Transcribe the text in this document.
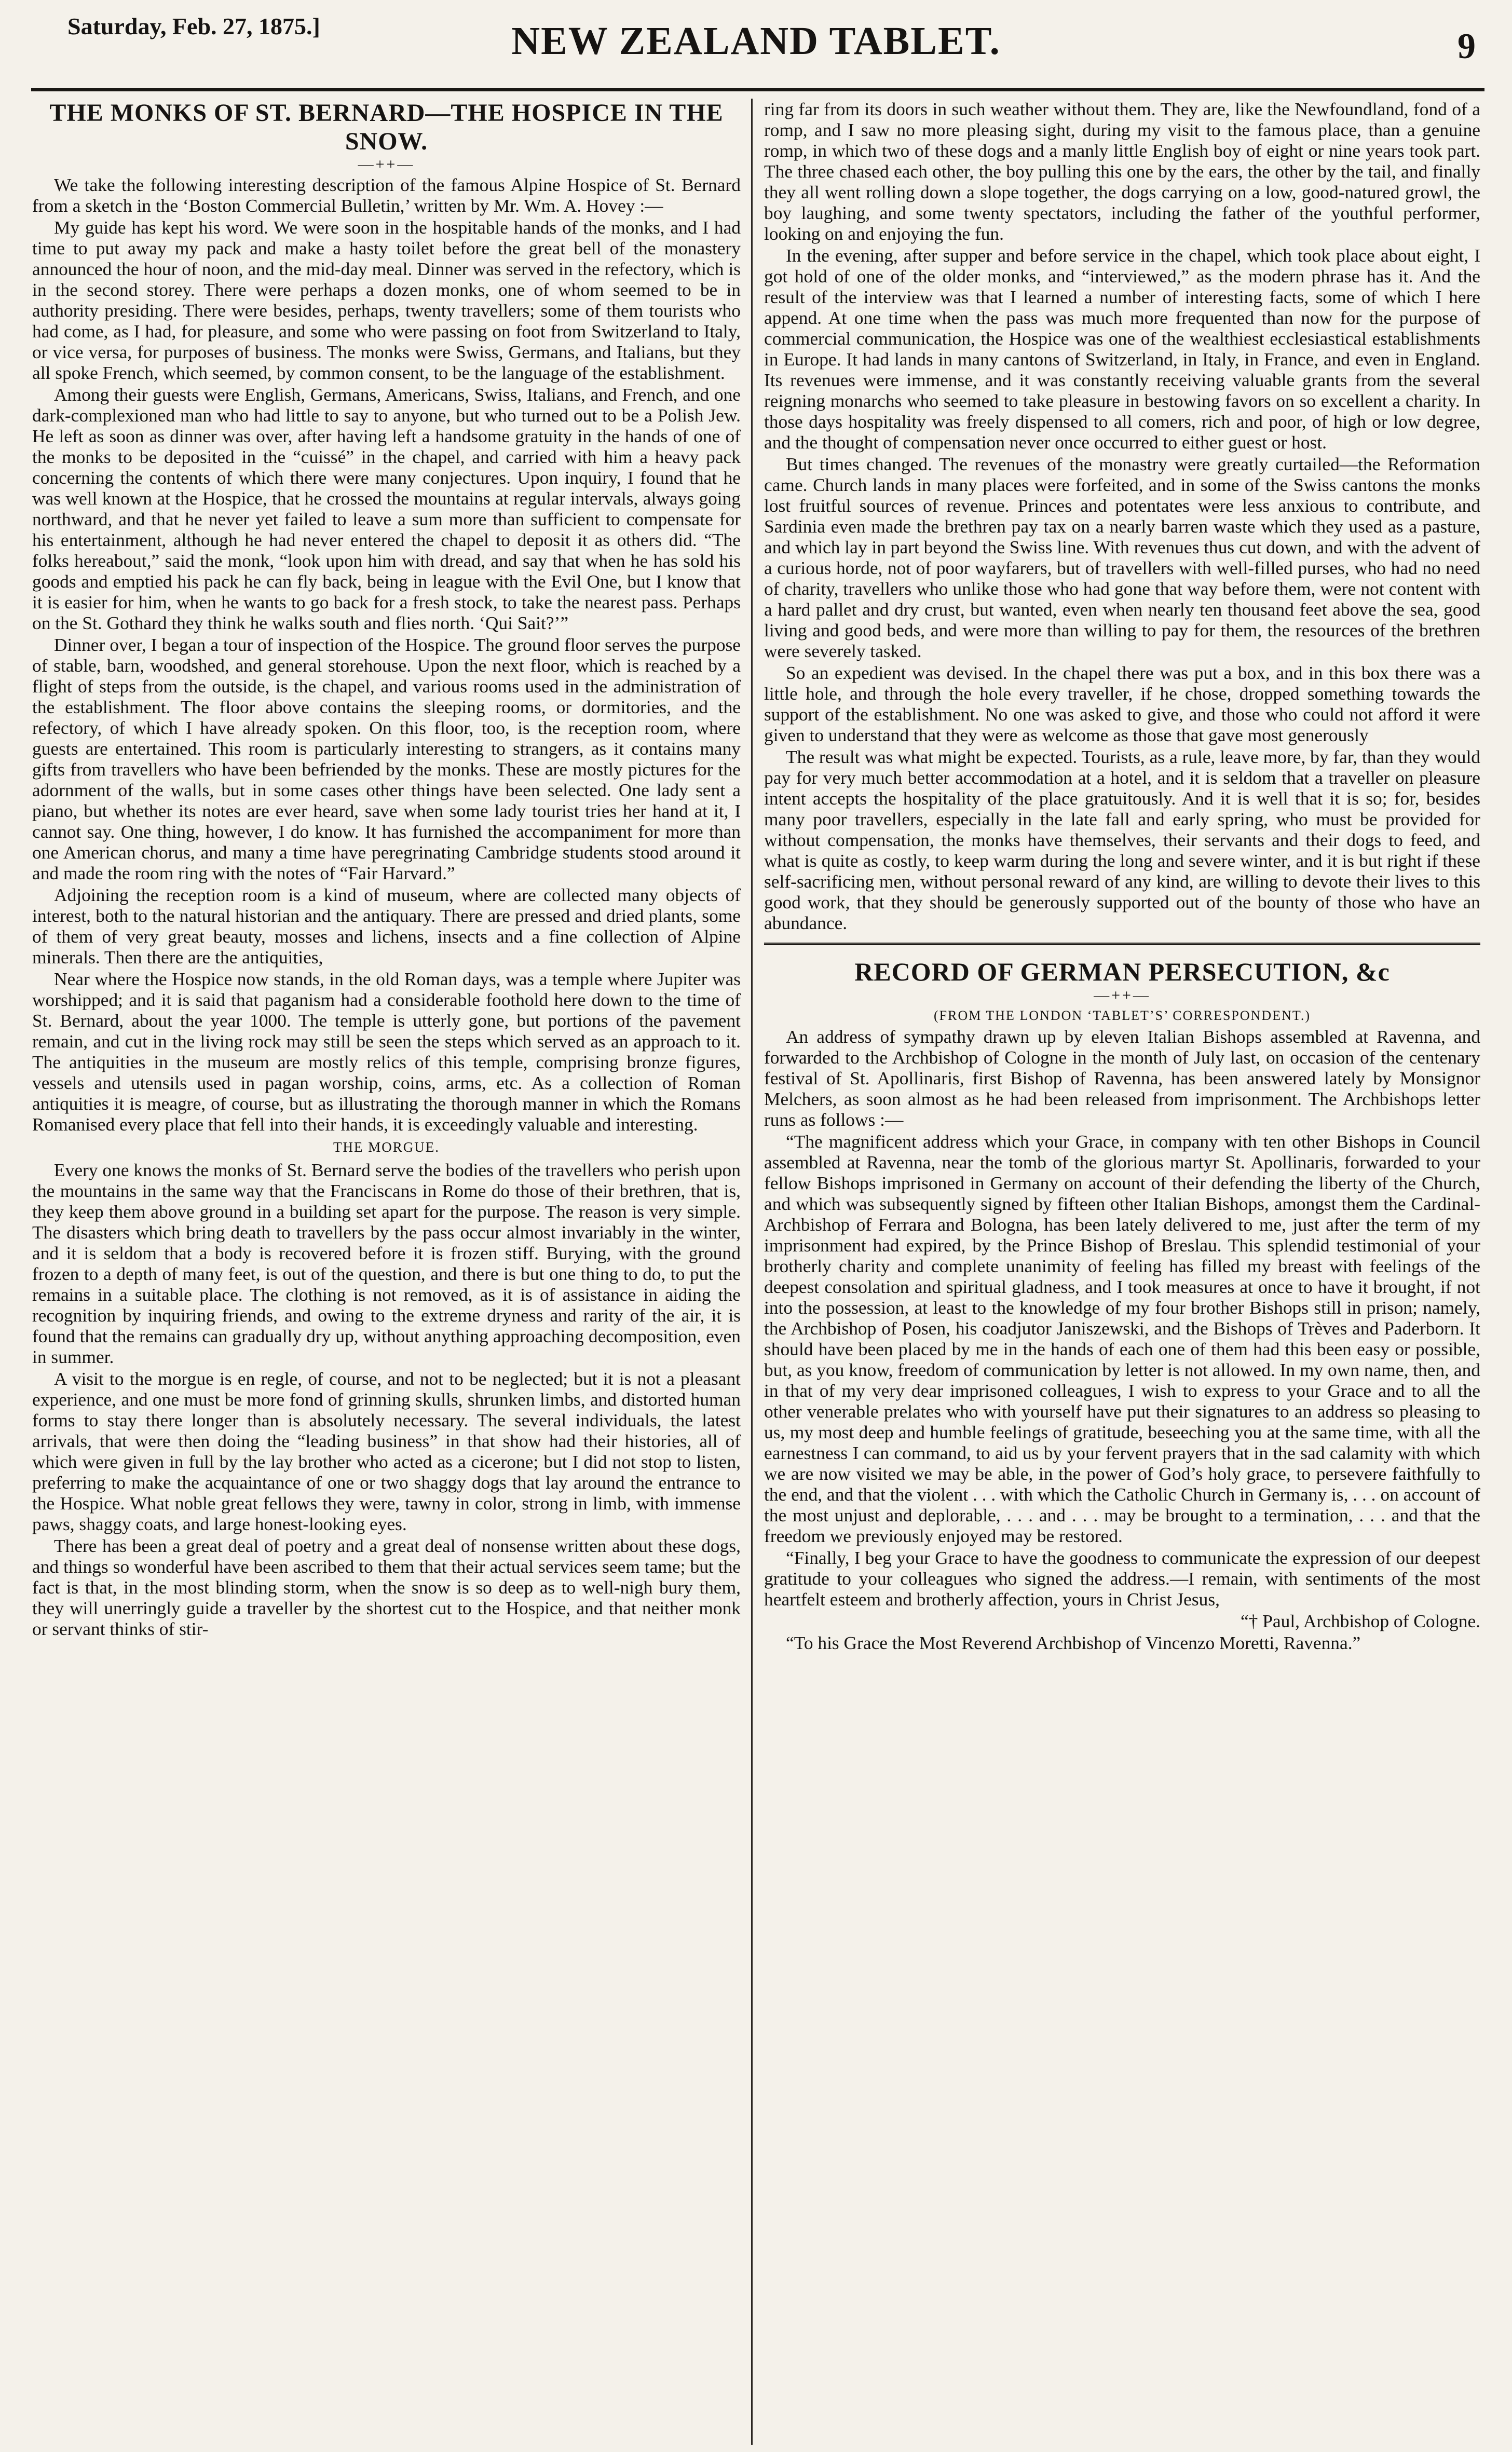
Saturday, Feb. 27, 1875.]	NEW ZEALAND TABLET.	9
THE MONKS OF ST. BERNARD—THE HOSPICE IN THE SNOW.
—++—

We take the following interesting description of the famous Alpine Hospice of St. Bernard from a sketch in the ‘Boston Commercial Bulletin,’ written by Mr. Wm. A. Hovey :—

My guide has kept his word. We were soon in the hospitable hands of the monks, and I had time to put away my pack and make a hasty toilet before the great bell of the monastery announced the hour of noon, and the mid-day meal. Dinner was served in the refectory, which is in the second storey. There were perhaps a dozen monks, one of whom seemed to be in authority presiding. There were besides, perhaps, twenty travellers; some of them tourists who had come, as I had, for pleasure, and some who were passing on foot from Switzerland to Italy, or vice versa, for purposes of business. The monks were Swiss, Germans, and Italians, but they all spoke French, which seemed, by common consent, to be the language of the establishment.

Among their guests were English, Germans, Americans, Swiss, Italians, and French, and one dark-complexioned man who had little to say to anyone, but who turned out to be a Polish Jew. He left as soon as dinner was over, after having left a handsome gratuity in the hands of one of the monks to be deposited in the “cuissé” in the chapel, and carried with him a heavy pack concerning the contents of which there were many conjectures. Upon inquiry, I found that he was well known at the Hospice, that he crossed the mountains at regular intervals, always going northward, and that he never yet failed to leave a sum more than sufficient to compensate for his entertainment, although he had never entered the chapel to deposit it as others did. “The folks hereabout,” said the monk, “look upon him with dread, and say that when he has sold his goods and emptied his pack he can fly back, being in league with the Evil One, but I know that it is easier for him, when he wants to go back for a fresh stock, to take the nearest pass. Perhaps on the St. Gothard they think he walks south and flies north. ‘Qui Sait?’”

Dinner over, I began a tour of inspection of the Hospice. The ground floor serves the purpose of stable, barn, woodshed, and general storehouse. Upon the next floor, which is reached by a flight of steps from the outside, is the chapel, and various rooms used in the administration of the establishment. The floor above contains the sleeping rooms, or dormitories, and the refectory, of which I have already spoken. On this floor, too, is the reception room, where guests are entertained. This room is particularly interesting to strangers, as it contains many gifts from travellers who have been befriended by the monks. These are mostly pictures for the adornment of the walls, but in some cases other things have been selected. One lady sent a piano, but whether its notes are ever heard, save when some lady tourist tries her hand at it, I cannot say. One thing, however, I do know. It has furnished the accompaniment for more than one American chorus, and many a time have peregrinating Cambridge students stood around it and made the room ring with the notes of “Fair Harvard.”

Adjoining the reception room is a kind of museum, where are collected many objects of interest, both to the natural historian and the antiquary. There are pressed and dried plants, some of them of very great beauty, mosses and lichens, insects and a fine collection of Alpine minerals. Then there are the antiquities,

Near where the Hospice now stands, in the old Roman days, was a temple where Jupiter was worshipped; and it is said that paganism had a considerable foothold here down to the time of St. Bernard, about the year 1000. The temple is utterly gone, but portions of the pavement remain, and cut in the living rock may still be seen the steps which served as an approach to it. The antiquities in the museum are mostly relics of this temple, comprising bronze figures, vessels and utensils used in pagan worship, coins, arms, etc. As a collection of Roman antiquities it is meagre, of course, but as illustrating the thorough manner in which the Romans Romanised every place that fell into their hands, it is exceedingly valuable and interesting.

THE MORGUE.

Every one knows the monks of St. Bernard serve the bodies of the travellers who perish upon the mountains in the same way that the Franciscans in Rome do those of their brethren, that is, they keep them above ground in a building set apart for the purpose. The reason is very simple. The disasters which bring death to travellers by the pass occur almost invariably in the winter, and it is seldom that a body is recovered before it is frozen stiff. Burying, with the ground frozen to a depth of many feet, is out of the question, and there is but one thing to do, to put the remains in a suitable place. The clothing is not removed, as it is of assistance in aiding the recognition by inquiring friends, and owing to the extreme dryness and rarity of the air, it is found that the remains can gradually dry up, without anything approaching decomposition, even in summer.

A visit to the morgue is en regle, of course, and not to be neglected; but it is not a pleasant experience, and one must be more fond of grinning skulls, shrunken limbs, and distorted human forms to stay there longer than is absolutely necessary. The several individuals, the latest arrivals, that were then doing the “leading business” in that show had their histories, all of which were given in full by the lay brother who acted as a cicerone; but I did not stop to listen, preferring to make the acquaintance of one or two shaggy dogs that lay around the entrance to the Hospice. What noble great fellows they were, tawny in color, strong in limb, with immense paws, shaggy coats, and large honest-looking eyes.

There has been a great deal of poetry and a great deal of nonsense written about these dogs, and things so wonderful have been ascribed to them that their actual services seem tame; but the fact is that, in the most blinding storm, when the snow is so deep as to well-nigh bury them, they will unerringly guide a traveller by the shortest cut to the Hospice, and that neither monk or servant thinks of stir-

ring far from its doors in such weather without them. They are, like the Newfoundland, fond of a romp, and I saw no more pleasing sight, during my visit to the famous place, than a genuine romp, in which two of these dogs and a manly little English boy of eight or nine years took part. The three chased each other, the boy pulling this one by the ears, the other by the tail, and finally they all went rolling down a slope together, the dogs carrying on a low, good-natured growl, the boy laughing, and some twenty spectators, including the father of the youthful performer, looking on and enjoying the fun.

In the evening, after supper and before service in the chapel, which took place about eight, I got hold of one of the older monks, and “interviewed,” as the modern phrase has it. And the result of the interview was that I learned a number of interesting facts, some of which I here append. At one time when the pass was much more frequented than now for the purpose of commercial communication, the Hospice was one of the wealthiest ecclesiastical establishments in Europe. It had lands in many cantons of Switzerland, in Italy, in France, and even in England. Its revenues were immense, and it was constantly receiving valuable grants from the several reigning monarchs who seemed to take pleasure in bestowing favors on so excellent a charity. In those days hospitality was freely dispensed to all comers, rich and poor, of high or low degree, and the thought of compensation never once occurred to either guest or host.

But times changed. The revenues of the monastry were greatly curtailed—the Reformation came. Church lands in many places were forfeited, and in some of the Swiss cantons the monks lost fruitful sources of revenue. Princes and potentates were less anxious to contribute, and Sardinia even made the brethren pay tax on a nearly barren waste which they used as a pasture, and which lay in part beyond the Swiss line. With revenues thus cut down, and with the advent of a curious horde, not of poor wayfarers, but of travellers with well-filled purses, who had no need of charity, travellers who unlike those who had gone that way before them, were not content with a hard pallet and dry crust, but wanted, even when nearly ten thousand feet above the sea, good living and good beds, and were more than willing to pay for them, the resources of the brethren were severely tasked.

So an expedient was devised. In the chapel there was put a box, and in this box there was a little hole, and through the hole every traveller, if he chose, dropped something towards the support of the establishment. No one was asked to give, and those who could not afford it were given to understand that they were as welcome as those that gave most generously

The result was what might be expected. Tourists, as a rule, leave more, by far, than they would pay for very much better accommodation at a hotel, and it is seldom that a traveller on pleasure intent accepts the hospitality of the place gratuitously. And it is well that it is so; for, besides many poor travellers, especially in the late fall and early spring, who must be provided for without compensation, the monks have themselves, their servants and their dogs to feed, and what is quite as costly, to keep warm during the long and severe winter, and it is but right if these self-sacrificing men, without personal reward of any kind, are willing to devote their lives to this good work, that they should be generously supported out of the bounty of those who have an abundance.

RECORD OF GERMAN PERSECUTION, &c
—++—
(FROM THE LONDON ‘TABLET’S’ CORRESPONDENT.)

An address of sympathy drawn up by eleven Italian Bishops assembled at Ravenna, and forwarded to the Archbishop of Cologne in the month of July last, on occasion of the centenary festival of St. Apollinaris, first Bishop of Ravenna, has been answered lately by Monsignor Melchers, as soon almost as he had been released from imprisonment. The Archbishops letter runs as follows :—

“The magnificent address which your Grace, in company with ten other Bishops in Council assembled at Ravenna, near the tomb of the glorious martyr St. Apollinaris, forwarded to your fellow Bishops imprisoned in Germany on account of their defending the liberty of the Church, and which was subsequently signed by fifteen other Italian Bishops, amongst them the Cardinal-Archbishop of Ferrara and Bologna, has been lately delivered to me, just after the term of my imprisonment had expired, by the Prince Bishop of Breslau. This splendid testimonial of your brotherly charity and complete unanimity of feeling has filled my breast with feelings of the deepest consolation and spiritual gladness, and I took measures at once to have it brought, if not into the possession, at least to the knowledge of my four brother Bishops still in prison; namely, the Archbishop of Posen, his coadjutor Janiszewski, and the Bishops of Trèves and Paderborn. It should have been placed by me in the hands of each one of them had this been easy or possible, but, as you know, freedom of communication by letter is not allowed. In my own name, then, and in that of my very dear imprisoned colleagues, I wish to express to your Grace and to all the other venerable prelates who with yourself have put their signatures to an address so pleasing to us, my most deep and humble feelings of gratitude, beseeching you at the same time, with all the earnestness I can command, to aid us by your fervent prayers that in the sad calamity with which we are now visited we may be able, in the power of God’s holy grace, to persevere faithfully to the end, and that the violent . . . with which the Catholic Church in Germany is, . . . on account of the most unjust and deplorable, . . . and . . . may be brought to a termination, . . . and that the freedom we previously enjoyed may be restored.

“Finally, I beg your Grace to have the goodness to communicate the expression of our deepest gratitude to your colleagues who signed the address.—I remain, with sentiments of the most heartfelt esteem and brotherly affection, yours in Christ Jesus,

“† Paul, Archbishop of Cologne.

“To his Grace the Most Reverend Archbishop of Vincenzo Moretti, Ravenna.”
